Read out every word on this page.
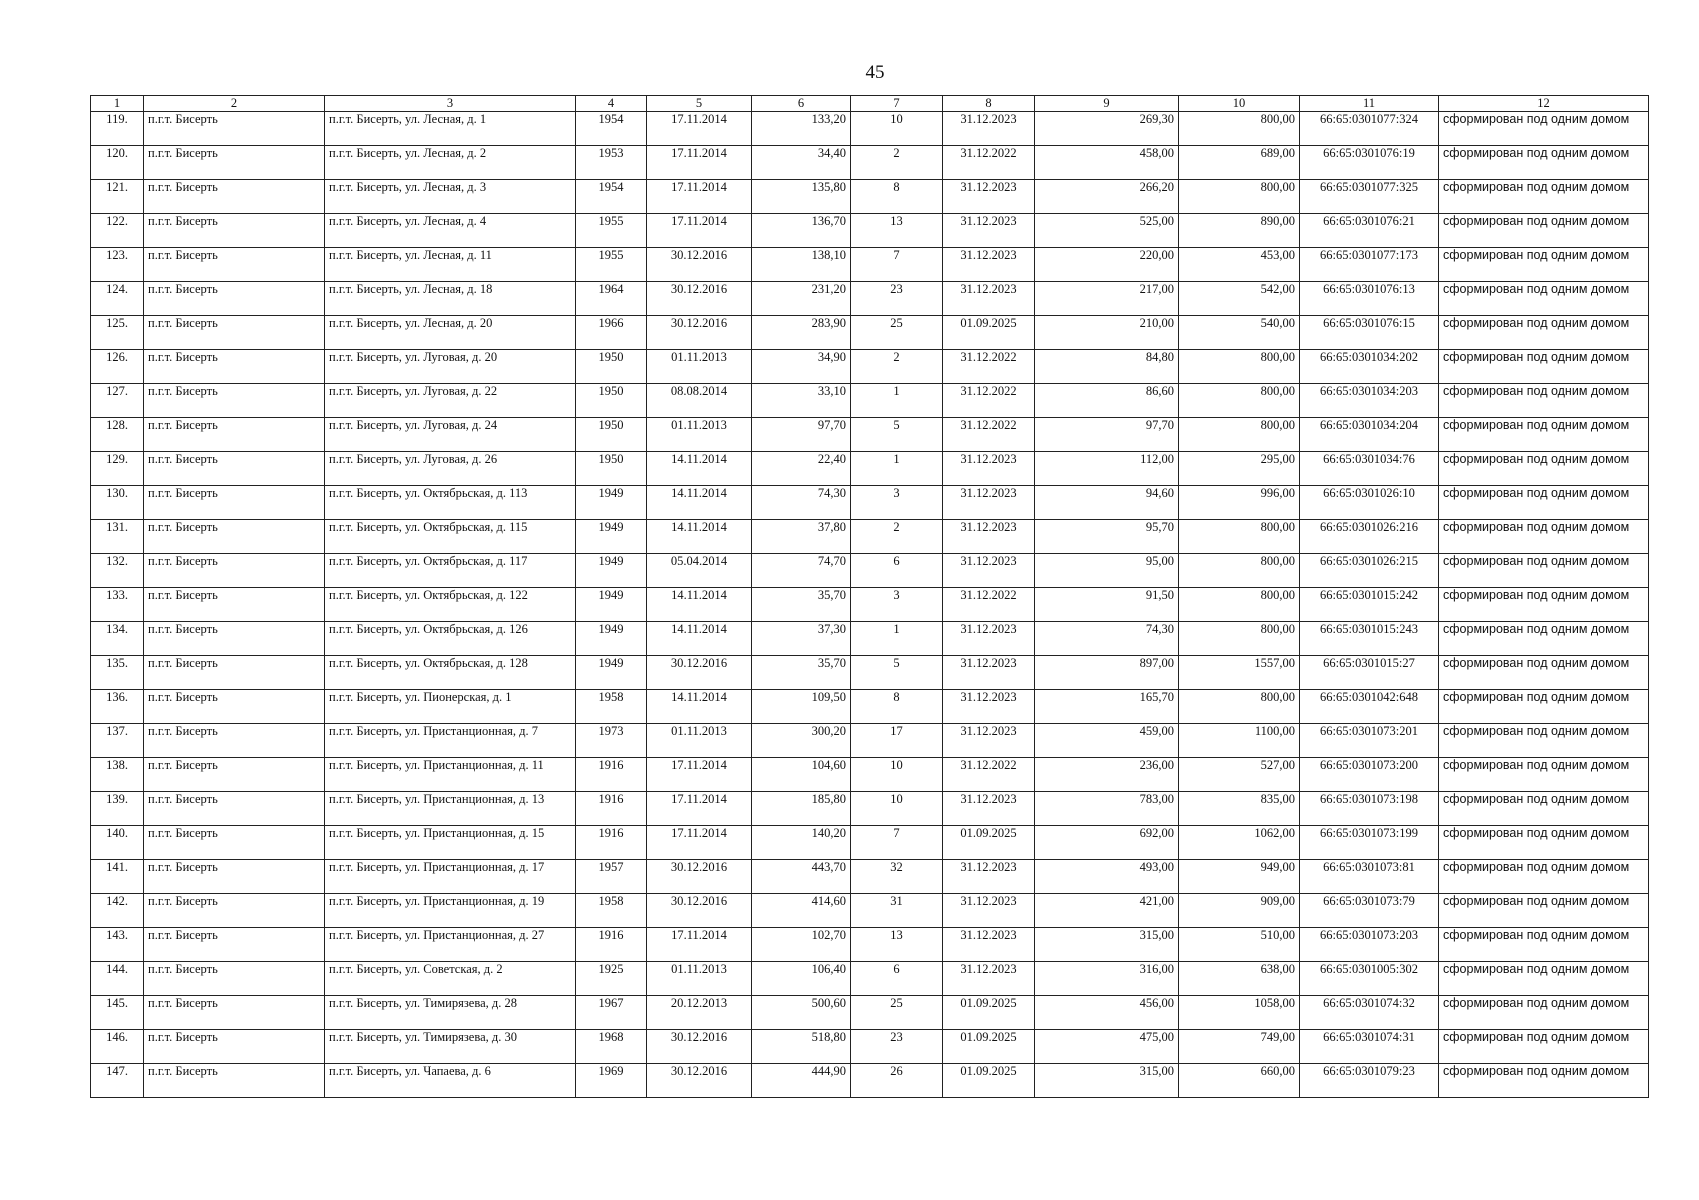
45
1	2	3	4	5	6	7	8	9	10	11	12
119.	п.г.т. Бисерть	п.г.т. Бисерть, ул. Лесная, д. 1	1954	17.11.2014	133,20	10	31.12.2023	269,30	800,00	66:65:0301077:324	сформирован под одним домом
120.	п.г.т. Бисерть	п.г.т. Бисерть, ул. Лесная, д. 2	1953	17.11.2014	34,40	2	31.12.2022	458,00	689,00	66:65:0301076:19	сформирован под одним домом
121.	п.г.т. Бисерть	п.г.т. Бисерть, ул. Лесная, д. 3	1954	17.11.2014	135,80	8	31.12.2023	266,20	800,00	66:65:0301077:325	сформирован под одним домом
122.	п.г.т. Бисерть	п.г.т. Бисерть, ул. Лесная, д. 4	1955	17.11.2014	136,70	13	31.12.2023	525,00	890,00	66:65:0301076:21	сформирован под одним домом
123.	п.г.т. Бисерть	п.г.т. Бисерть, ул. Лесная, д. 11	1955	30.12.2016	138,10	7	31.12.2023	220,00	453,00	66:65:0301077:173	сформирован под одним домом
124.	п.г.т. Бисерть	п.г.т. Бисерть, ул. Лесная, д. 18	1964	30.12.2016	231,20	23	31.12.2023	217,00	542,00	66:65:0301076:13	сформирован под одним домом
125.	п.г.т. Бисерть	п.г.т. Бисерть, ул. Лесная, д. 20	1966	30.12.2016	283,90	25	01.09.2025	210,00	540,00	66:65:0301076:15	сформирован под одним домом
126.	п.г.т. Бисерть	п.г.т. Бисерть, ул. Луговая, д. 20	1950	01.11.2013	34,90	2	31.12.2022	84,80	800,00	66:65:0301034:202	сформирован под одним домом
127.	п.г.т. Бисерть	п.г.т. Бисерть, ул. Луговая, д. 22	1950	08.08.2014	33,10	1	31.12.2022	86,60	800,00	66:65:0301034:203	сформирован под одним домом
128.	п.г.т. Бисерть	п.г.т. Бисерть, ул. Луговая, д. 24	1950	01.11.2013	97,70	5	31.12.2022	97,70	800,00	66:65:0301034:204	сформирован под одним домом
129.	п.г.т. Бисерть	п.г.т. Бисерть, ул. Луговая, д. 26	1950	14.11.2014	22,40	1	31.12.2023	112,00	295,00	66:65:0301034:76	сформирован под одним домом
130.	п.г.т. Бисерть	п.г.т. Бисерть, ул. Октябрьская, д. 113	1949	14.11.2014	74,30	3	31.12.2023	94,60	996,00	66:65:0301026:10	сформирован под одним домом
131.	п.г.т. Бисерть	п.г.т. Бисерть, ул. Октябрьская, д. 115	1949	14.11.2014	37,80	2	31.12.2023	95,70	800,00	66:65:0301026:216	сформирован под одним домом
132.	п.г.т. Бисерть	п.г.т. Бисерть, ул. Октябрьская, д. 117	1949	05.04.2014	74,70	6	31.12.2023	95,00	800,00	66:65:0301026:215	сформирован под одним домом
133.	п.г.т. Бисерть	п.г.т. Бисерть, ул. Октябрьская, д. 122	1949	14.11.2014	35,70	3	31.12.2022	91,50	800,00	66:65:0301015:242	сформирован под одним домом
134.	п.г.т. Бисерть	п.г.т. Бисерть, ул. Октябрьская, д. 126	1949	14.11.2014	37,30	1	31.12.2023	74,30	800,00	66:65:0301015:243	сформирован под одним домом
135.	п.г.т. Бисерть	п.г.т. Бисерть, ул. Октябрьская, д. 128	1949	30.12.2016	35,70	5	31.12.2023	897,00	1557,00	66:65:0301015:27	сформирован под одним домом
136.	п.г.т. Бисерть	п.г.т. Бисерть, ул. Пионерская, д. 1	1958	14.11.2014	109,50	8	31.12.2023	165,70	800,00	66:65:0301042:648	сформирован под одним домом
137.	п.г.т. Бисерть	п.г.т. Бисерть, ул. Пристанционная, д. 7	1973	01.11.2013	300,20	17	31.12.2023	459,00	1100,00	66:65:0301073:201	сформирован под одним домом
138.	п.г.т. Бисерть	п.г.т. Бисерть, ул. Пристанционная, д. 11	1916	17.11.2014	104,60	10	31.12.2022	236,00	527,00	66:65:0301073:200	сформирован под одним домом
139.	п.г.т. Бисерть	п.г.т. Бисерть, ул. Пристанционная, д. 13	1916	17.11.2014	185,80	10	31.12.2023	783,00	835,00	66:65:0301073:198	сформирован под одним домом
140.	п.г.т. Бисерть	п.г.т. Бисерть, ул. Пристанционная, д. 15	1916	17.11.2014	140,20	7	01.09.2025	692,00	1062,00	66:65:0301073:199	сформирован под одним домом
141.	п.г.т. Бисерть	п.г.т. Бисерть, ул. Пристанционная, д. 17	1957	30.12.2016	443,70	32	31.12.2023	493,00	949,00	66:65:0301073:81	сформирован под одним домом
142.	п.г.т. Бисерть	п.г.т. Бисерть, ул. Пристанционная, д. 19	1958	30.12.2016	414,60	31	31.12.2023	421,00	909,00	66:65:0301073:79	сформирован под одним домом
143.	п.г.т. Бисерть	п.г.т. Бисерть, ул. Пристанционная, д. 27	1916	17.11.2014	102,70	13	31.12.2023	315,00	510,00	66:65:0301073:203	сформирован под одним домом
144.	п.г.т. Бисерть	п.г.т. Бисерть, ул. Советская, д. 2	1925	01.11.2013	106,40	6	31.12.2023	316,00	638,00	66:65:0301005:302	сформирован под одним домом
145.	п.г.т. Бисерть	п.г.т. Бисерть, ул. Тимирязева, д. 28	1967	20.12.2013	500,60	25	01.09.2025	456,00	1058,00	66:65:0301074:32	сформирован под одним домом
146.	п.г.т. Бисерть	п.г.т. Бисерть, ул. Тимирязева, д. 30	1968	30.12.2016	518,80	23	01.09.2025	475,00	749,00	66:65:0301074:31	сформирован под одним домом
147.	п.г.т. Бисерть	п.г.т. Бисерть, ул. Чапаева, д. 6	1969	30.12.2016	444,90	26	01.09.2025	315,00	660,00	66:65:0301079:23	сформирован под одним домом
